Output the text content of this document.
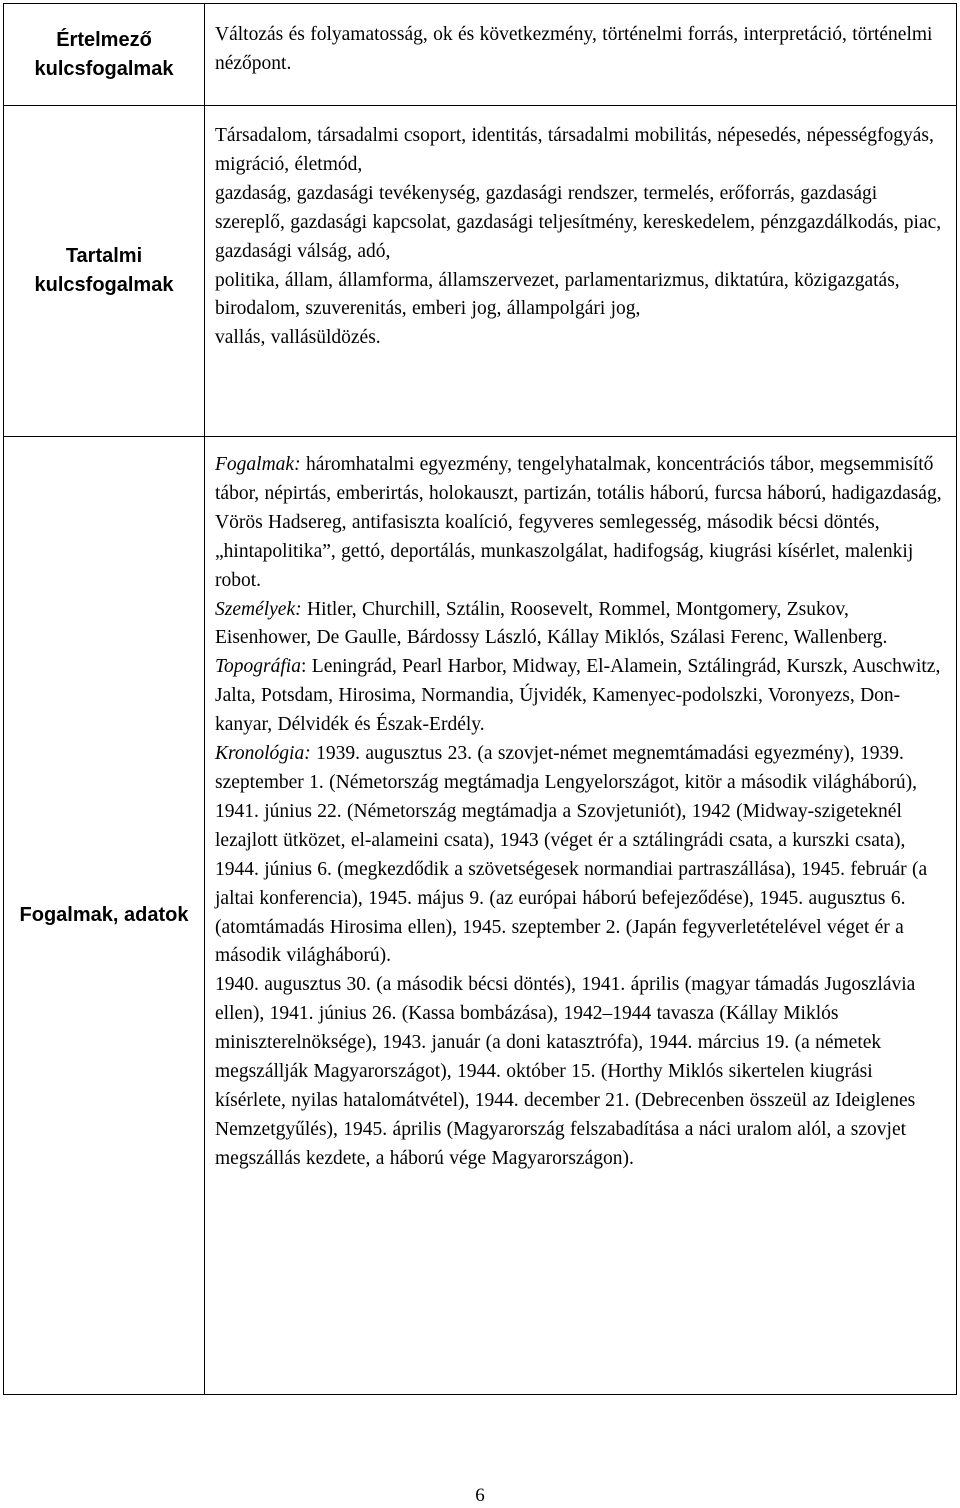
Értelmező kulcsfogalmak	Változás és folyamatosság, ok és következmény, történelmi forrás, interpretáció, történelmi nézőpont.

Tartalmi kulcsfogalmak	Társadalom, társadalmi csoport, identitás, társadalmi mobilitás, népesedés, népességfogyás, migráció, életmód,

gazdaság, gazdasági tevékenység, gazdasági rendszer, termelés, erőforrás, gazdasági szereplő, gazdasági kapcsolat, gazdasági teljesítmény, kereskedelem, pénzgazdálkodás, piac, gazdasági válság, adó,

politika, állam, államforma, államszervezet, parlamentarizmus, diktatúra, közigazgatás, birodalom, szuverenitás, emberi jog, állampolgári jog,

vallás, vallásüldözés.

Fogalmak, adatok	Fogalmak: háromhatalmi egyezmény, tengelyhatalmak, koncentrációs tábor, megsemmisítő tábor, népirtás, emberirtás, holokauszt, partizán, totális háború, furcsa háború, hadigazdaság, Vörös Hadsereg, antifasiszta koalíció, fegyveres semlegesség, második bécsi döntés, „hintapolitika”, gettó, deportálás, munkaszolgálat, hadifogság, kiugrási kísérlet, malenkij robot.

Személyek: Hitler, Churchill, Sztálin, Roosevelt, Rommel, Montgomery, Zsukov, Eisenhower, De Gaulle, Bárdossy László, Kállay Miklós, Szálasi Ferenc, Wallenberg.

Topográfia: Leningrád, Pearl Harbor, Midway, El-Alamein, Sztálingrád, Kurszk, Auschwitz, Jalta, Potsdam, Hirosima, Normandia, Újvidék, Kamenyec-podolszki, Voronyezs, Don-kanyar, Délvidék és Észak-Erdély.

Kronológia: 1939. augusztus 23. (a szovjet-német megnemtámadási egyezmény), 1939. szeptember 1. (Németország megtámadja Lengyelországot, kitör a második világháború), 1941. június 22. (Németország megtámadja a Szovjetuniót), 1942 (Midway-szigeteknél lezajlott ütközet, el-alameini csata), 1943 (véget ér a sztálingrádi csata, a kurszki csata), 1944. június 6. (megkezdődik a szövetségesek normandiai partraszállása), 1945. február (a jaltai konferencia), 1945. május 9. (az európai háború befejeződése), 1945. augusztus 6. (atomtámadás Hirosima ellen), 1945. szeptember 2. (Japán fegyverletételével véget ér a második világháború).

1940. augusztus 30. (a második bécsi döntés), 1941. április (magyar támadás Jugoszlávia ellen), 1941. június 26. (Kassa bombázása), 1942–1944 tavasza (Kállay Miklós miniszterelnöksége), 1943. január (a doni katasztrófa), 1944. március 19. (a németek megszállják Magyarországot), 1944. október 15. (Horthy Miklós sikertelen kiugrási kísérlete, nyilas hatalomátvétel), 1944. december 21. (Debrecenben összeül az Ideiglenes Nemzetgyűlés), 1945. április (Magyarország felszabadítása a náci uralom alól, a szovjet megszállás kezdete, a háború vége Magyarországon).

6
